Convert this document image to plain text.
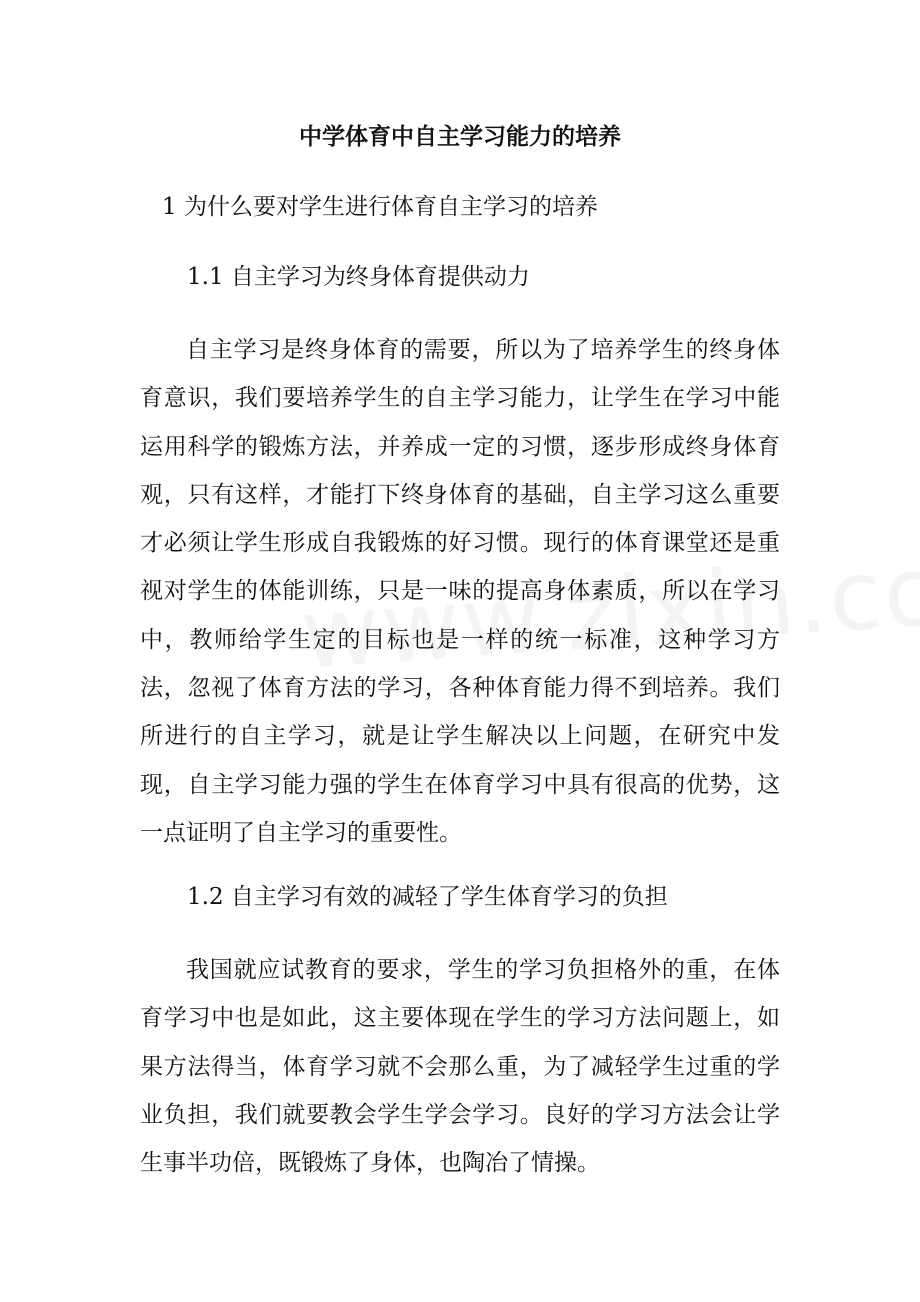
中学体育中自主学习能力的培养
1 为什么要对学生进行体育自主学习的培养
1.1 自主学习为终身体育提供动力

自主学习是终身体育的需要，所以为了培养学生的终身体育意识，我们要培养学生的自主学习能力，让学生在学习中能运用科学的锻炼方法，并养成一定的习惯，逐步形成终身体育观，只有这样，才能打下终身体育的基础，自主学习这么重要才必须让学生形成自我锻炼的好习惯。现行的体育课堂还是重视对学生的体能训练，只是一味的提高身体素质，所以在学习中，教师给学生定的目标也是一样的统一标准，这种学习方法，忽视了体育方法的学习，各种体育能力得不到培养。我们所进行的自主学习，就是让学生解决以上问题，在研究中发现，自主学习能力强的学生在体育学习中具有很高的优势，这一点证明了自主学习的重要性。

1.2 自主学习有效的减轻了学生体育学习的负担

我国就应试教育的要求，学生的学习负担格外的重，在体育学习中也是如此，这主要体现在学生的学习方法问题上，如果方法得当，体育学习就不会那么重，为了减轻学生过重的学业负担，我们就要教会学生学会学习。良好的学习方法会让学生事半功倍，既锻炼了身体，也陶冶了情操。
